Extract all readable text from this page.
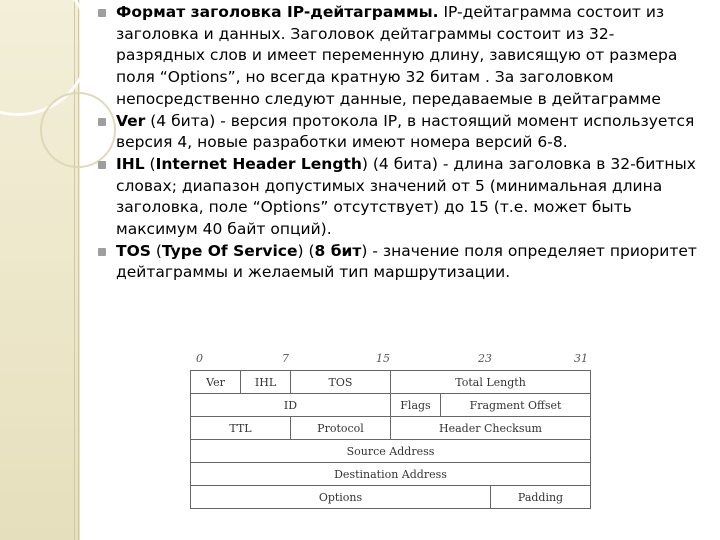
Формат заголовка IP-дейтаграммы. IP-дейтаграмма состоит из заголовка и данных. Заголовок дейтаграммы состоит из 32-разрядных слов и имеет переменную длину, зависящую от размера поля “Options”, но всегда кратную 32 битам . За заголовком непосредственно следуют данные, передаваемые в дейтаграмме
Ver (4 бита) - версия протокола IP, в настоящий момент используется версия 4, новые разработки имеют номера версий 6-8.
IHL (Internet Header Length) (4 бита) - длина заголовка в 32-битных словах; диапазон допустимых значений от 5 (минимальная длина заголовка, поле “Options” отсутствует) до 15 (т.е. может быть максимум 40 байт опций).
TOS (Type Of Service) (8 бит) - значение поля определяет приоритет дейтаграммы и желаемый тип маршрутизации.
0	7	15	23	31
Ver	IHL	TOS	Total Length		
ID			Flags	Fragment Offset	
TTL		Protocol	Header Checksum		
Source Address					
Destination Address					
Options					Padding
